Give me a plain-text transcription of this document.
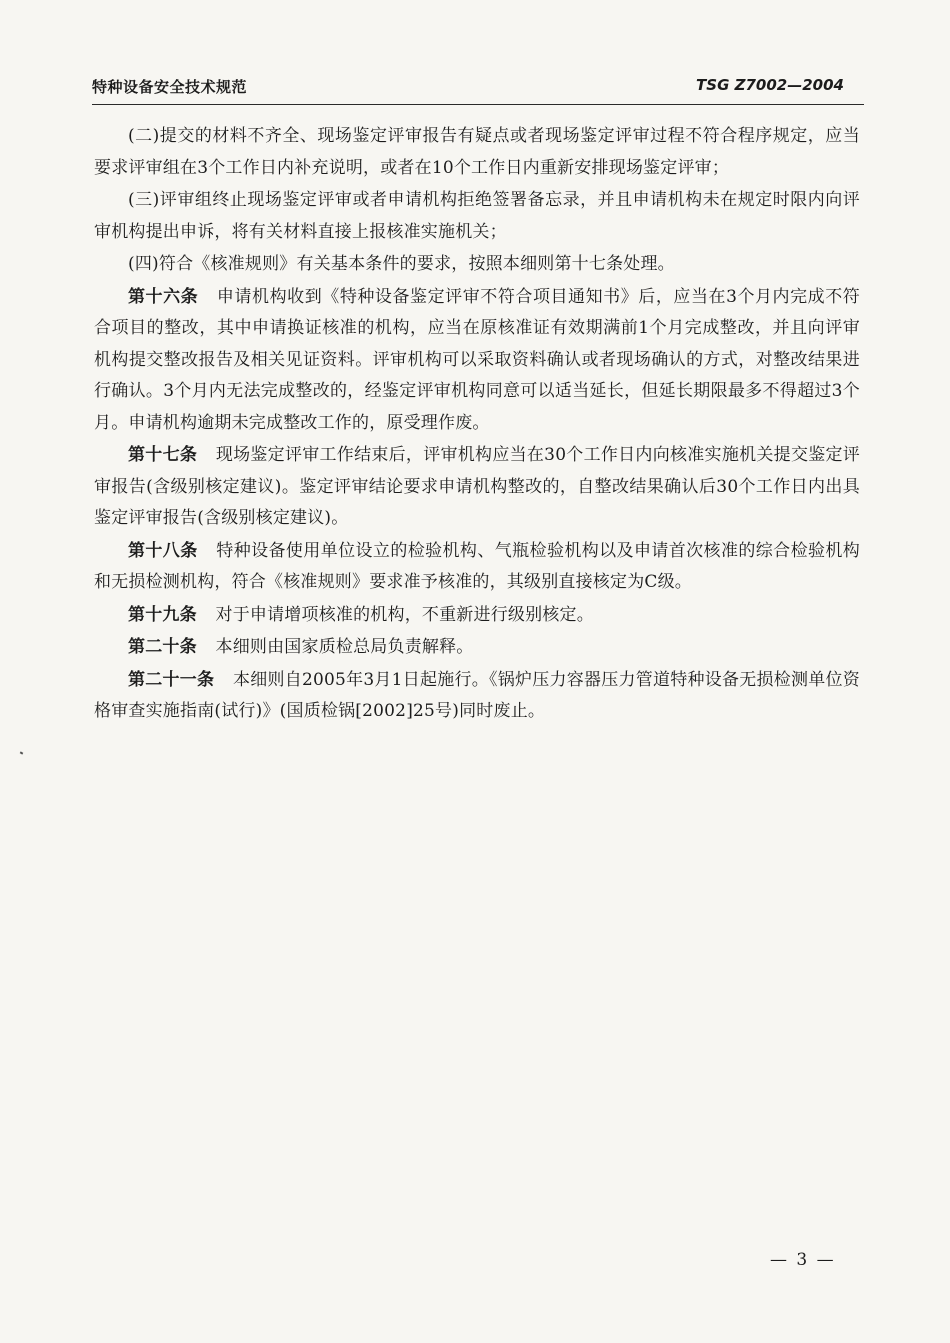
特种设备安全技术规范	TSG Z7002—2004

(二)提交的材料不齐全、现场鉴定评审报告有疑点或者现场鉴定评审过程不符合程序规定，应当要求评审组在3个工作日内补充说明，或者在10个工作日内重新安排现场鉴定评审；

(三)评审组终止现场鉴定评审或者申请机构拒绝签署备忘录，并且申请机构未在规定时限内向评审机构提出申诉，将有关材料直接上报核准实施机关；

(四)符合《核准规则》有关基本条件的要求，按照本细则第十七条处理。

第十六条 申请机构收到《特种设备鉴定评审不符合项目通知书》后，应当在3个月内完成不符合项目的整改，其中申请换证核准的机构，应当在原核准证有效期满前1个月完成整改，并且向评审机构提交整改报告及相关见证资料。评审机构可以采取资料确认或者现场确认的方式，对整改结果进行确认。3个月内无法完成整改的，经鉴定评审机构同意可以适当延长，但延长期限最多不得超过3个月。申请机构逾期未完成整改工作的，原受理作废。

第十七条 现场鉴定评审工作结束后，评审机构应当在30个工作日内向核准实施机关提交鉴定评审报告(含级别核定建议)。鉴定评审结论要求申请机构整改的，自整改结果确认后30个工作日内出具鉴定评审报告(含级别核定建议)。

第十八条 特种设备使用单位设立的检验机构、气瓶检验机构以及申请首次核准的综合检验机构和无损检测机构，符合《核准规则》要求准予核准的，其级别直接核定为C级。

第十九条 对于申请增项核准的机构，不重新进行级别核定。

第二十条 本细则由国家质检总局负责解释。

第二十一条 本细则自2005年3月1日起施行。《锅炉压力容器压力管道特种设备无损检测单位资格审查实施指南(试行)》(国质检锅[2002]25号)同时废止。

— 3 —
